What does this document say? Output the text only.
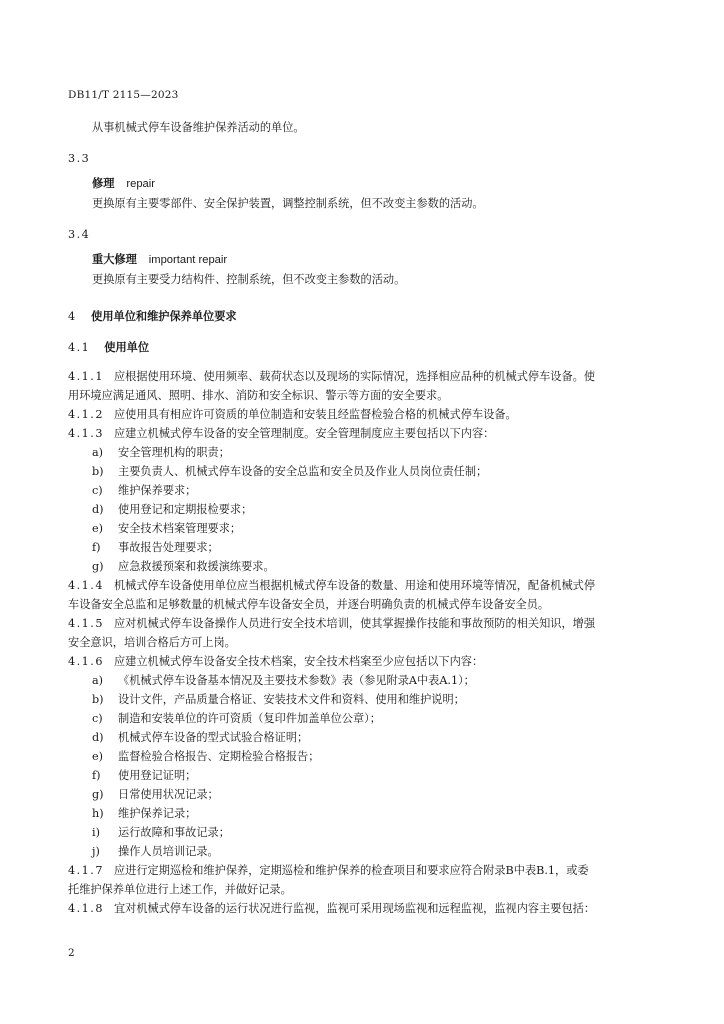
DB11/T 2115—2023

从事机械式停车设备维护保养活动的单位。

3.3

修理 repair

更换原有主要零部件、安全保护装置，调整控制系统，但不改变主参数的活动。

3.4

重大修理 important repair

更换原有主要受力结构件、控制系统，但不改变主参数的活动。

4 使用单位和维护保养单位要求

4.1 使用单位

4.1.1 应根据使用环境、使用频率、载荷状态以及现场的实际情况，选择相应品种的机械式停车设备。使

用环境应满足通风、照明、排水、消防和安全标识、警示等方面的安全要求。

4.1.2 应使用具有相应许可资质的单位制造和安装且经监督检验合格的机械式停车设备。

4.1.3 应建立机械式停车设备的安全管理制度。安全管理制度应主要包括以下内容：

a) 安全管理机构的职责；

b) 主要负责人、机械式停车设备的安全总监和安全员及作业人员岗位责任制；

c) 维护保养要求；

d) 使用登记和定期报检要求；

e) 安全技术档案管理要求；

f) 事故报告处理要求；

g) 应急救援预案和救援演练要求。

4.1.4 机械式停车设备使用单位应当根据机械式停车设备的数量、用途和使用环境等情况，配备机械式停

车设备安全总监和足够数量的机械式停车设备安全员，并逐台明确负责的机械式停车设备安全员。

4.1.5 应对机械式停车设备操作人员进行安全技术培训，使其掌握操作技能和事故预防的相关知识，增强

安全意识，培训合格后方可上岗。

4.1.6 应建立机械式停车设备安全技术档案，安全技术档案至少应包括以下内容：

a) 《机械式停车设备基本情况及主要技术参数》表（参见附录A中表A.1）；

b) 设计文件，产品质量合格证、安装技术文件和资料、使用和维护说明；

c) 制造和安装单位的许可资质（复印件加盖单位公章）；

d) 机械式停车设备的型式试验合格证明；

e) 监督检验合格报告、定期检验合格报告；

f) 使用登记证明；

g) 日常使用状况记录；

h) 维护保养记录；

i) 运行故障和事故记录；

j) 操作人员培训记录。

4.1.7 应进行定期巡检和维护保养，定期巡检和维护保养的检查项目和要求应符合附录B中表B.1，或委

托维护保养单位进行上述工作，并做好记录。

4.1.8 宜对机械式停车设备的运行状况进行监视，监视可采用现场监视和远程监视，监视内容主要包括：

2
